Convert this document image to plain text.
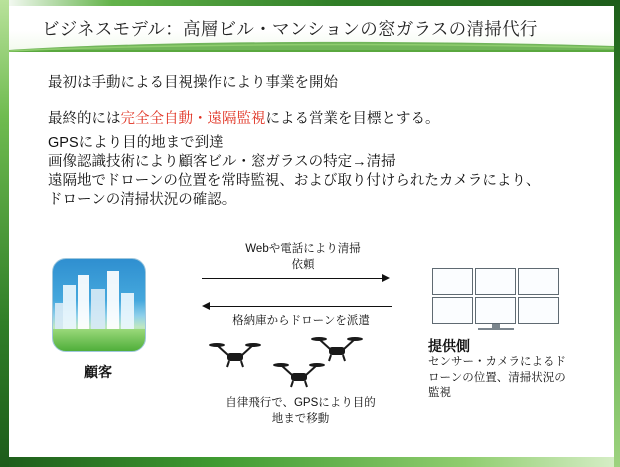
ビジネスモデル：高層ビル・マンションの窓ガラスの清掃代行
最初は手動による目視操作により事業を開始
最終的には完全全自動・遠隔監視による営業を目標とする。
GPSにより目的地まで到達
画像認識技術により顧客ビル・窓ガラスの特定→清掃
遠隔地でドローンの位置を常時監視、および取り付けられたカメラにより、
ドローンの清掃状況の確認。
顧客
Webや電話により清掃
依頼
格納庫からドローンを派遣
自律飛行で、GPSにより目的
地まで移動
提供側
センサー・カメラによるド
ローンの位置、清掃状況の
監視
